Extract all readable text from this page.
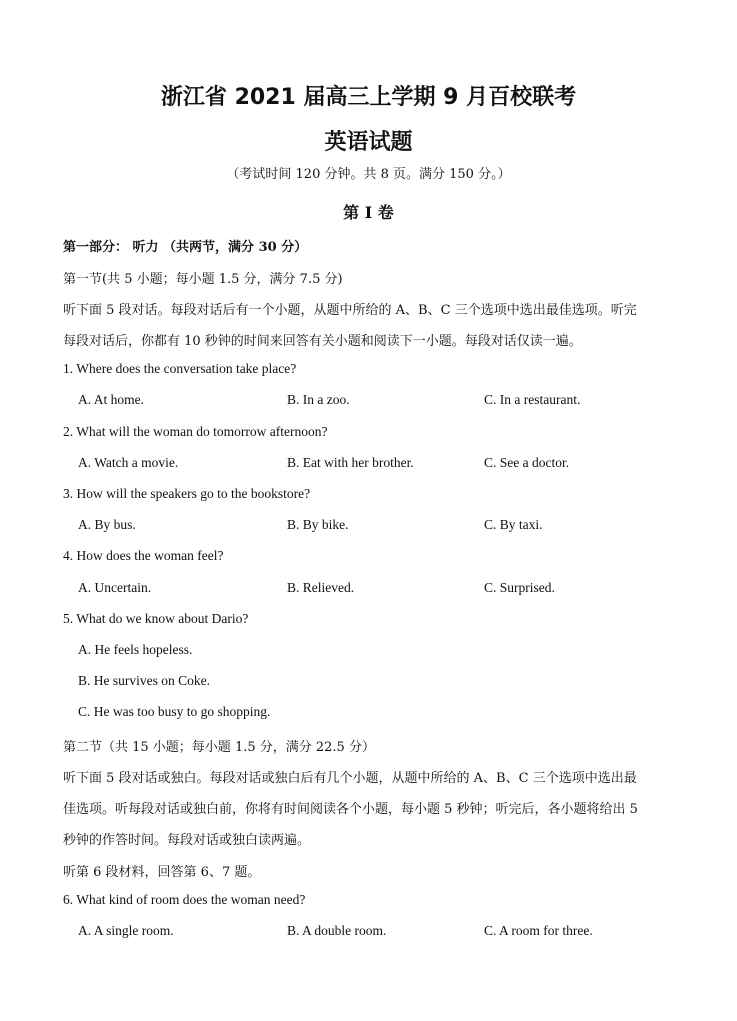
浙江省 2021 届高三上学期 9 月百校联考
英语试题
（考试时间 120 分钟。共 8 页。满分 150 分。）
第 I 卷
第一部分： 听力 （共两节，满分 30 分）
第一节(共 5 小题；每小题 1.5 分，满分 7.5 分)
听下面 5 段对话。每段对话后有一个小题，从题中所给的 A、B、C 三个选项中选出最佳选项。听完
每段对话后，你都有 10 秒钟的时间来回答有关小题和阅读下一小题。每段对话仅读一遍。
1. Where does the conversation take place?
A. At home.	B. In a zoo.	C. In a restaurant.
2. What will the woman do tomorrow afternoon?
A. Watch a movie.	B. Eat with her brother.	C. See a doctor.
3. How will the speakers go to the bookstore?
A. By bus.	B. By bike.	C. By taxi.
4. How does the woman feel?
A. Uncertain.	B. Relieved.	C. Surprised.
5. What do we know about Dario?
A. He feels hopeless.
B. He survives on Coke.
C. He was too busy to go shopping.
第二节（共 15 小题；每小题 1.5 分，满分 22.5 分）
听下面 5 段对话或独白。每段对话或独白后有几个小题，从题中所给的 A、B、C 三个选项中选出最
佳选项。听每段对话或独白前，你将有时间阅读各个小题，每小题 5 秒钟；听完后，各小题将给出 5
秒钟的作答时间。每段对话或独白读两遍。
听第 6 段材料，回答第 6、7 题。
6. What kind of room does the woman need?
A. A single room.	B. A double room.	C. A room for three.
